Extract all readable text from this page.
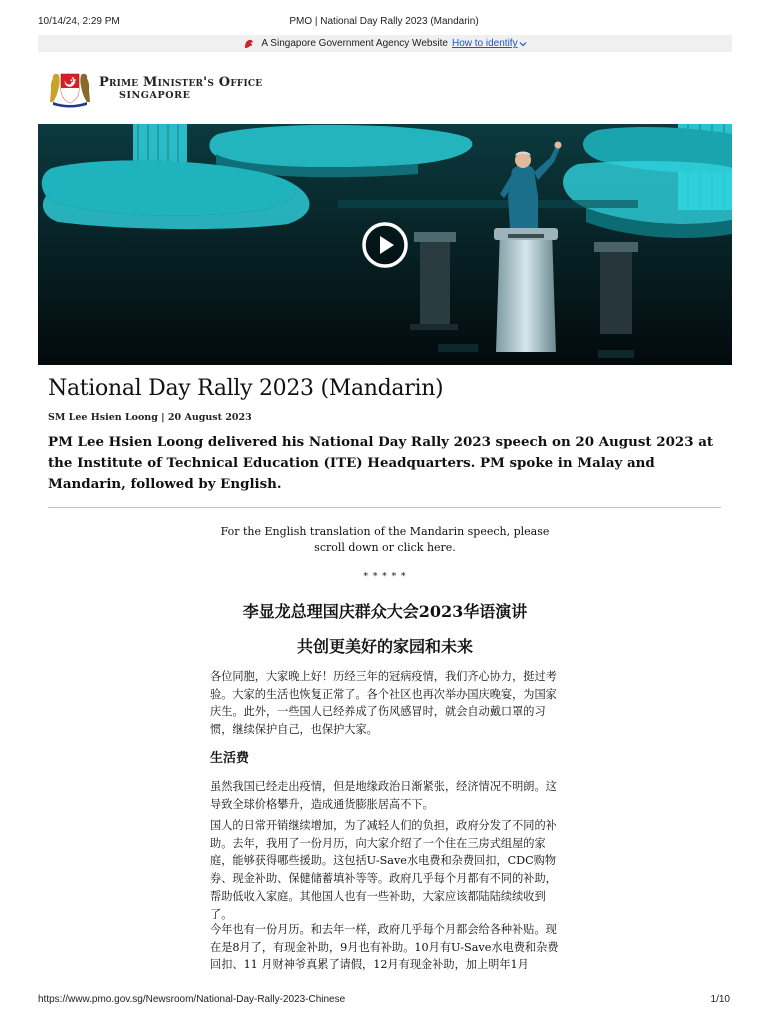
10/14/24, 2:29 PM	PMO | National Day Rally 2023 (Mandarin)
A Singapore Government Agency Website How to identify
Prime Minister's Office
SINGAPORE
National Day Rally 2023 (Mandarin)
SM Lee Hsien Loong | 20 August 2023
PM Lee Hsien Loong delivered his National Day Rally 2023 speech on 20 August 2023 at the Institute of Technical Education (ITE) Headquarters. PM spoke in Malay and Mandarin, followed by English.
For the English translation of the Mandarin speech, please scroll down or click here.
* * * * *
李显龙总理国庆群众大会2023华语演讲
共创更美好的家园和未来
各位同胞，大家晚上好！历经三年的冠病疫情，我们齐心协力，挺过考验。大家的生活也恢复正常了。各个社区也再次举办国庆晚宴，为国家庆生。此外，一些国人已经养成了伤风感冒时，就会自动戴口罩的习惯，继续保护自己，也保护大家。
生活费
虽然我国已经走出疫情，但是地缘政治日渐紧张，经济情况不明朗。这导致全球价格攀升，造成通货膨胀居高不下。
国人的日常开销继续增加，为了减轻人们的负担，政府分发了不同的补助。去年，我用了一份月历，向大家介绍了一个住在三房式组屋的家庭，能够获得哪些援助。这包括U-Save水电费和杂费回扣，CDC购物券、现金补助、保健储蓄填补等等。政府几乎每个月都有不同的补助，帮助低收入家庭。其他国人也有一些补助，大家应该都陆陆续续收到了。
今年也有一份月历。和去年一样，政府几乎每个月都会给各种补贴。现在是8月了，有现金补助，9月也有补助。10月有U-Save水电费和杂费回扣、11 月财神爷真累了请假，12月有现金补助，加上明年1月
https://www.pmo.gov.sg/Newsroom/National-Day-Rally-2023-Chinese	1/10
